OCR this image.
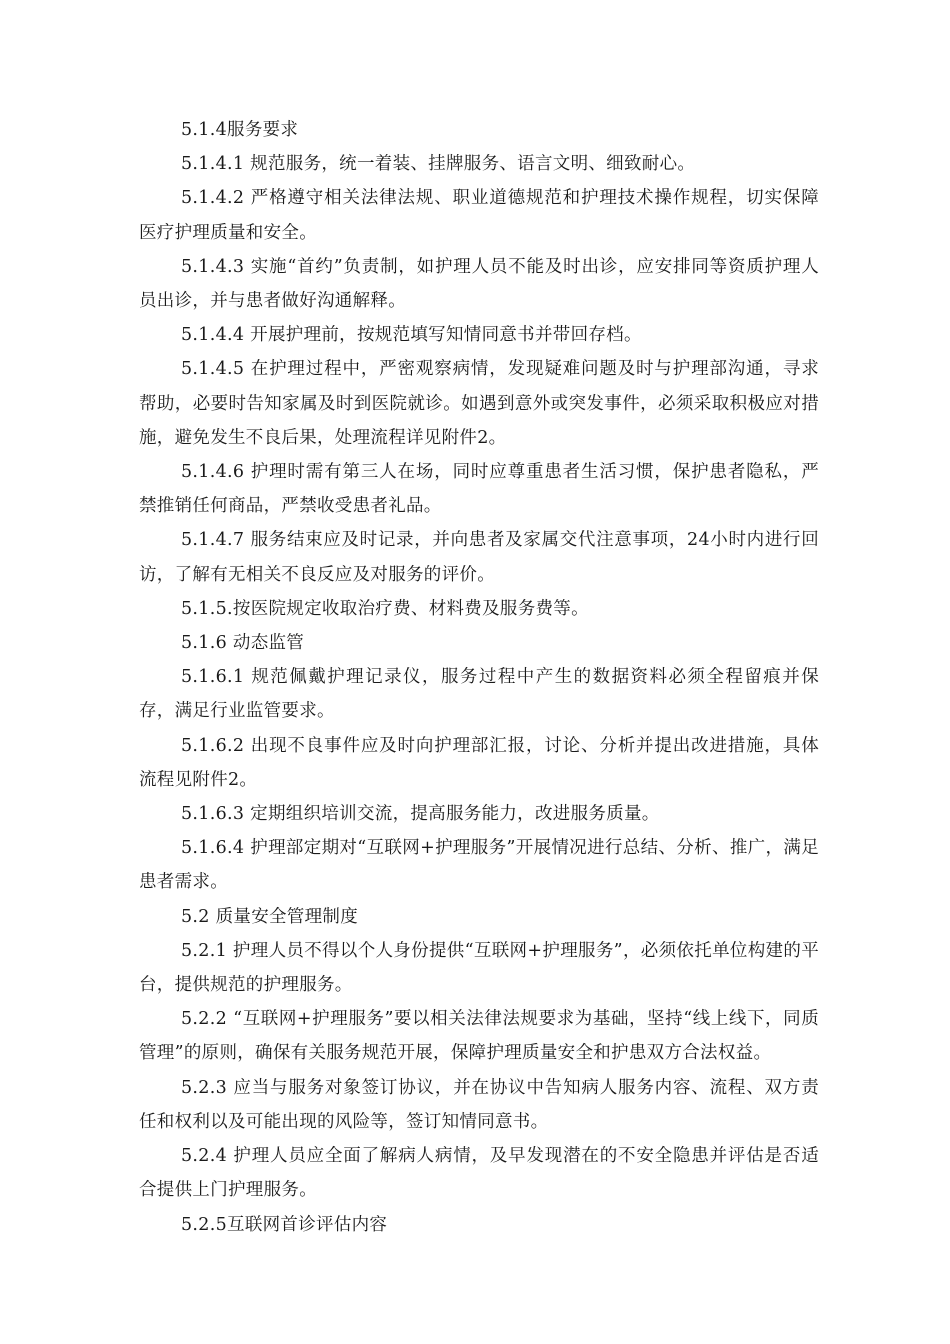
5.1.4服务要求

5.1.4.1 规范服务，统一着装、挂牌服务、语言文明、细致耐心。

5.1.4.2 严格遵守相关法律法规、职业道德规范和护理技术操作规程，切实保障医疗护理质量和安全。

5.1.4.3 实施“首约”负责制，如护理人员不能及时出诊，应安排同等资质护理人员出诊，并与患者做好沟通解释。

5.1.4.4 开展护理前，按规范填写知情同意书并带回存档。

5.1.4.5 在护理过程中，严密观察病情，发现疑难问题及时与护理部沟通，寻求帮助，必要时告知家属及时到医院就诊。如遇到意外或突发事件，必须采取积极应对措施，避免发生不良后果，处理流程详见附件2。

5.1.4.6 护理时需有第三人在场，同时应尊重患者生活习惯，保护患者隐私，严禁推销任何商品，严禁收受患者礼品。

5.1.4.7 服务结束应及时记录，并向患者及家属交代注意事项，24小时内进行回访，了解有无相关不良反应及对服务的评价。

5.1.5.按医院规定收取治疗费、材料费及服务费等。

5.1.6 动态监管

5.1.6.1 规范佩戴护理记录仪，服务过程中产生的数据资料必须全程留痕并保存，满足行业监管要求。

5.1.6.2 出现不良事件应及时向护理部汇报，讨论、分析并提出改进措施，具体流程见附件2。

5.1.6.3 定期组织培训交流，提高服务能力，改进服务质量。

5.1.6.4 护理部定期对“互联网+护理服务”开展情况进行总结、分析、推广，满足患者需求。

5.2 质量安全管理制度

5.2.1 护理人员不得以个人身份提供“互联网+护理服务”，必须依托单位构建的平台，提供规范的护理服务。

5.2.2 “互联网+护理服务”要以相关法律法规要求为基础，坚持“线上线下，同质管理”的原则，确保有关服务规范开展，保障护理质量安全和护患双方合法权益。

5.2.3 应当与服务对象签订协议，并在协议中告知病人服务内容、流程、双方责任和权利以及可能出现的风险等，签订知情同意书。

5.2.4 护理人员应全面了解病人病情，及早发现潜在的不安全隐患并评估是否适合提供上门护理服务。

5.2.5互联网首诊评估内容
